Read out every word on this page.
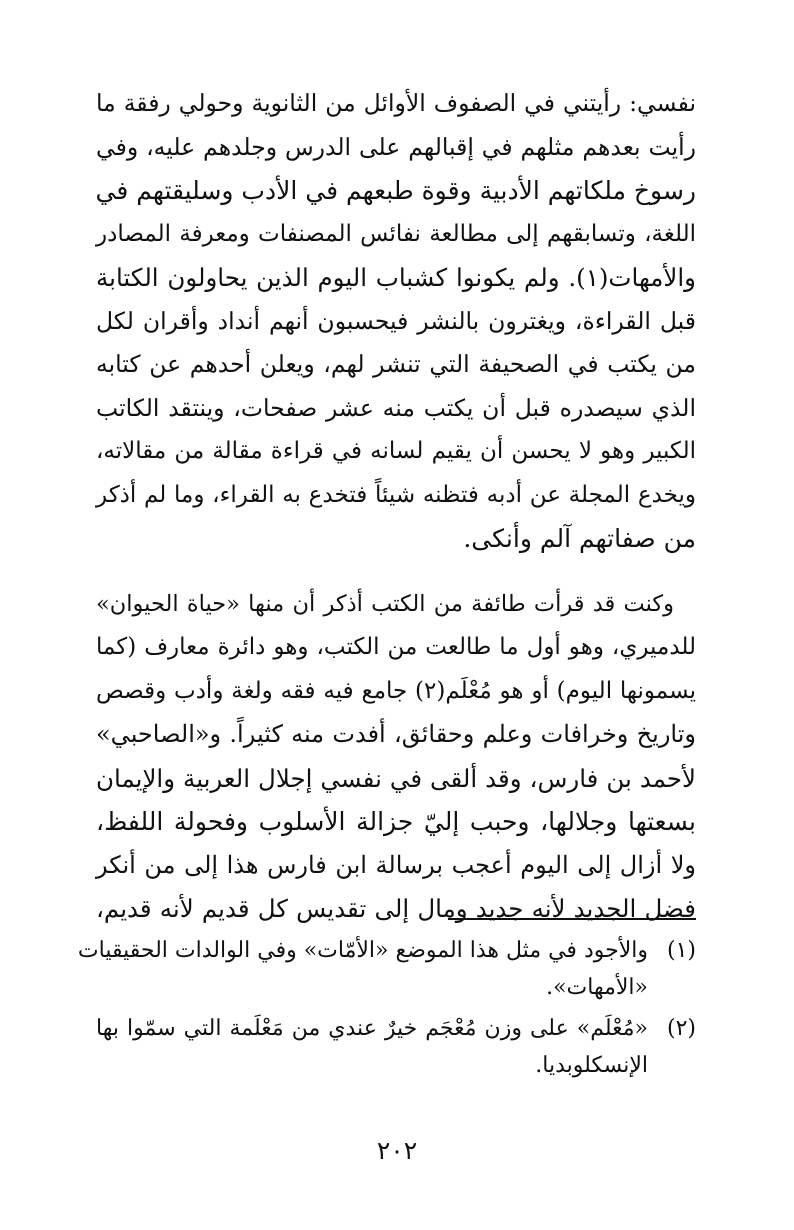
نفسي: رأيتني في الصفوف الأوائل من الثانوية وحولي رفقة ما
رأيت بعدهم مثلهم في إقبالهم على الدرس وجلدهم عليه، وفي
رسوخ ملكاتهم الأدبية وقوة طبعهم في الأدب وسليقتهم في
اللغة، وتسابقهم إلى مطالعة نفائس المصنفات ومعرفة المصادر
والأمهات(١). ولم يكونوا كشباب اليوم الذين يحاولون الكتابة
قبل القراءة، ويغترون بالنشر فيحسبون أنهم أنداد وأقران لكل
من يكتب في الصحيفة التي تنشر لهم، ويعلن أحدهم عن كتابه
الذي سيصدره قبل أن يكتب منه عشر صفحات، وينتقد الكاتب
الكبير وهو لا يحسن أن يقيم لسانه في قراءة مقالة من مقالاته،
ويخدع المجلة عن أدبه فتظنه شيئاً فتخدع به القراء، وما لم أذكر
من صفاتهم آلم وأنكى.
وكنت قد قرأت طائفة من الكتب أذكر أن منها «حياة الحيوان»
للدميري، وهو أول ما طالعت من الكتب، وهو دائرة معارف (كما
يسمونها اليوم) أو هو مُعْلَم(٢) جامع فيه فقه ولغة وأدب وقصص
وتاريخ وخرافات وعلم وحقائق، أفدت منه كثيراً. و«الصاحبي»
لأحمد بن فارس، وقد ألقى في نفسي إجلال العربية والإيمان
بسعتها وجلالها، وحبب إليّ جزالة الأسلوب وفحولة اللفظ،
ولا أزال إلى اليوم أعجب برسالة ابن فارس هذا إلى من أنكر
فضل الجديد لأنه جديد ومال إلى تقديس كل قديم لأنه قديم،
(١)
والأجود في مثل هذا الموضع «الأمّات» وفي الوالدات الحقيقيات
«الأمهات».
(٢)
«مُعْلَم» على وزن مُعْجَم خيرٌ عندي من مَعْلَمة التي سمّوا بها
الإنسكلوبديا.
٢٠٢
